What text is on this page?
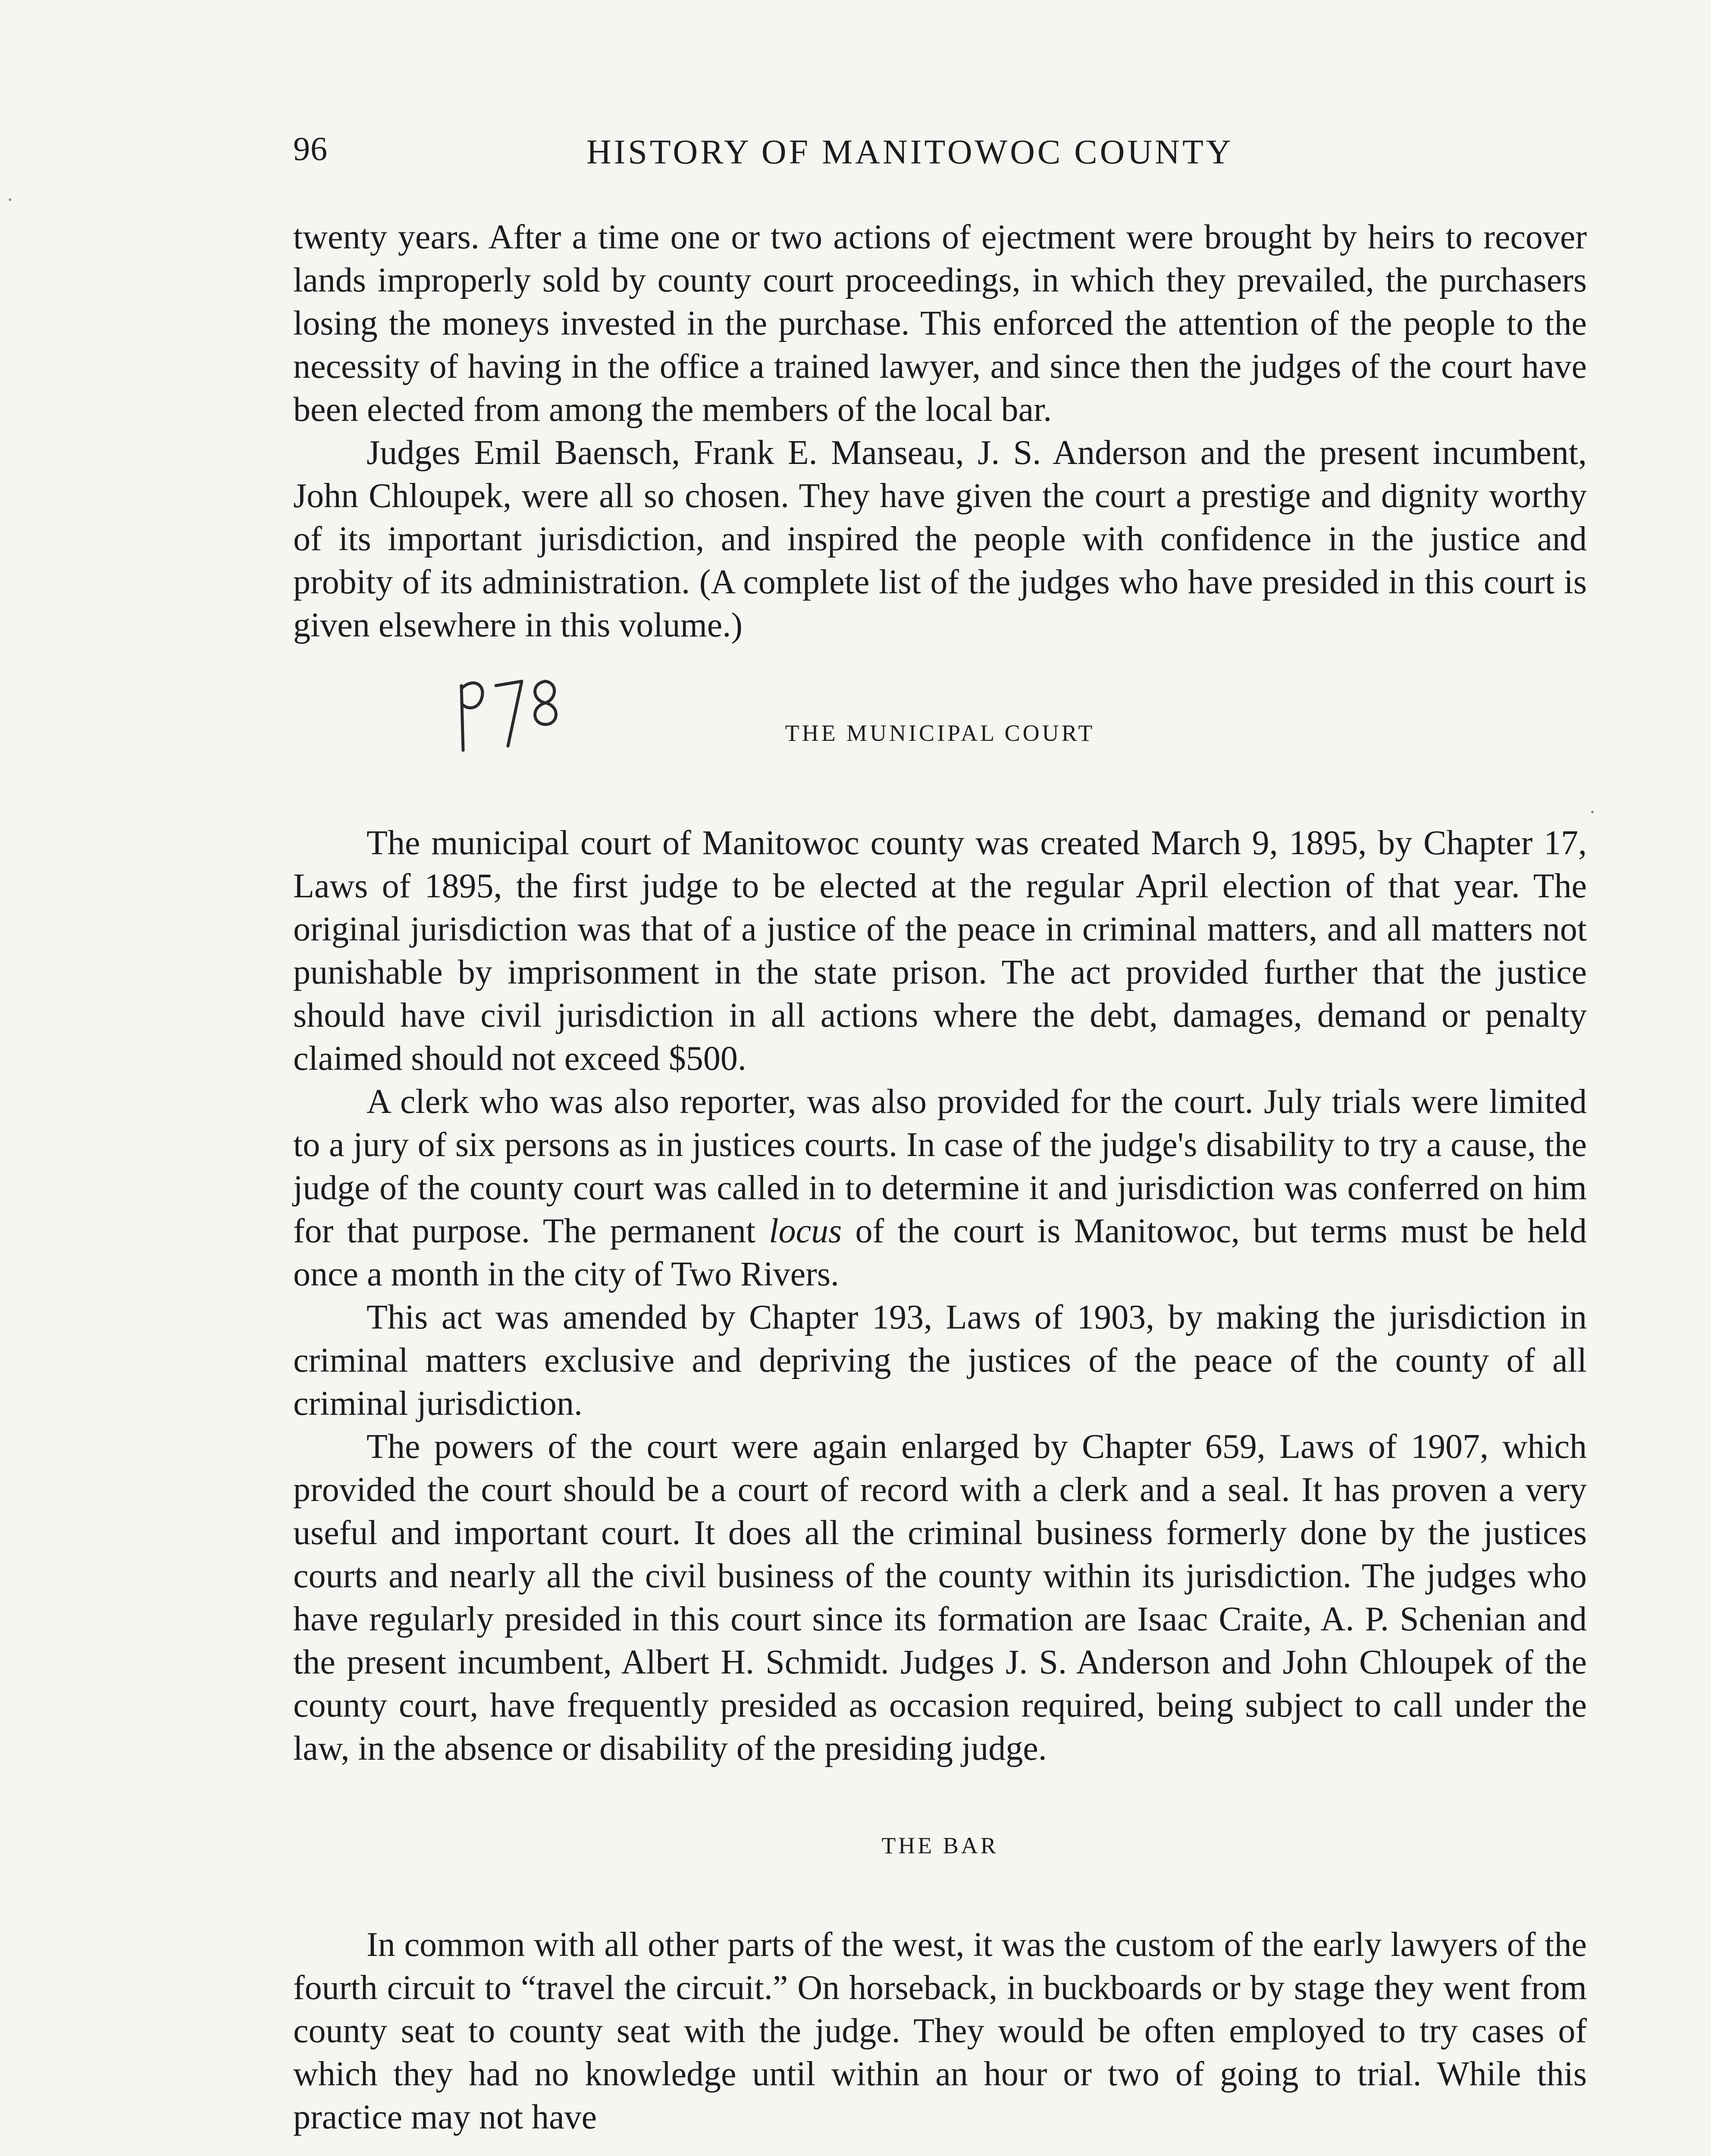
96	HISTORY OF MANITOWOC COUNTY

twenty years. After a time one or two actions of ejectment were brought by heirs to recover lands improperly sold by county court proceedings, in which they prevailed, the purchasers losing the moneys invested in the purchase. This enforced the attention of the people to the necessity of having in the office a trained lawyer, and since then the judges of the court have been elected from among the members of the local bar.

Judges Emil Baensch, Frank E. Manseau, J. S. Anderson and the present incumbent, John Chloupek, were all so chosen. They have given the court a prestige and dignity worthy of its important jurisdiction, and inspired the people with confidence in the justice and probity of its administration. (A complete list of the judges who have presided in this court is given elsewhere in this volume.)

THE MUNICIPAL COURT

The municipal court of Manitowoc county was created March 9, 1895, by Chapter 17, Laws of 1895, the first judge to be elected at the regular April election of that year. The original jurisdiction was that of a justice of the peace in criminal matters, and all matters not punishable by imprisonment in the state prison. The act provided further that the justice should have civil jurisdiction in all actions where the debt, damages, demand or penalty claimed should not exceed $500.

A clerk who was also reporter, was also provided for the court. July trials were limited to a jury of six persons as in justices courts. In case of the judge's disability to try a cause, the judge of the county court was called in to determine it and jurisdiction was conferred on him for that purpose. The permanent locus of the court is Manitowoc, but terms must be held once a month in the city of Two Rivers.

This act was amended by Chapter 193, Laws of 1903, by making the jurisdiction in criminal matters exclusive and depriving the justices of the peace of the county of all criminal jurisdiction.

The powers of the court were again enlarged by Chapter 659, Laws of 1907, which provided the court should be a court of record with a clerk and a seal. It has proven a very useful and important court. It does all the criminal business formerly done by the justices courts and nearly all the civil business of the county within its jurisdiction. The judges who have regularly presided in this court since its formation are Isaac Craite, A. P. Schenian and the present incumbent, Albert H. Schmidt. Judges J. S. Anderson and John Chloupek of the county court, have frequently presided as occasion required, being subject to call under the law, in the absence or disability of the presiding judge.

THE BAR

In common with all other parts of the west, it was the custom of the early lawyers of the fourth circuit to “travel the circuit.” On horseback, in buckboards or by stage they went from county seat to county seat with the judge. They would be often employed to try cases of which they had no knowledge until within an hour or two of going to trial. While this practice may not have
